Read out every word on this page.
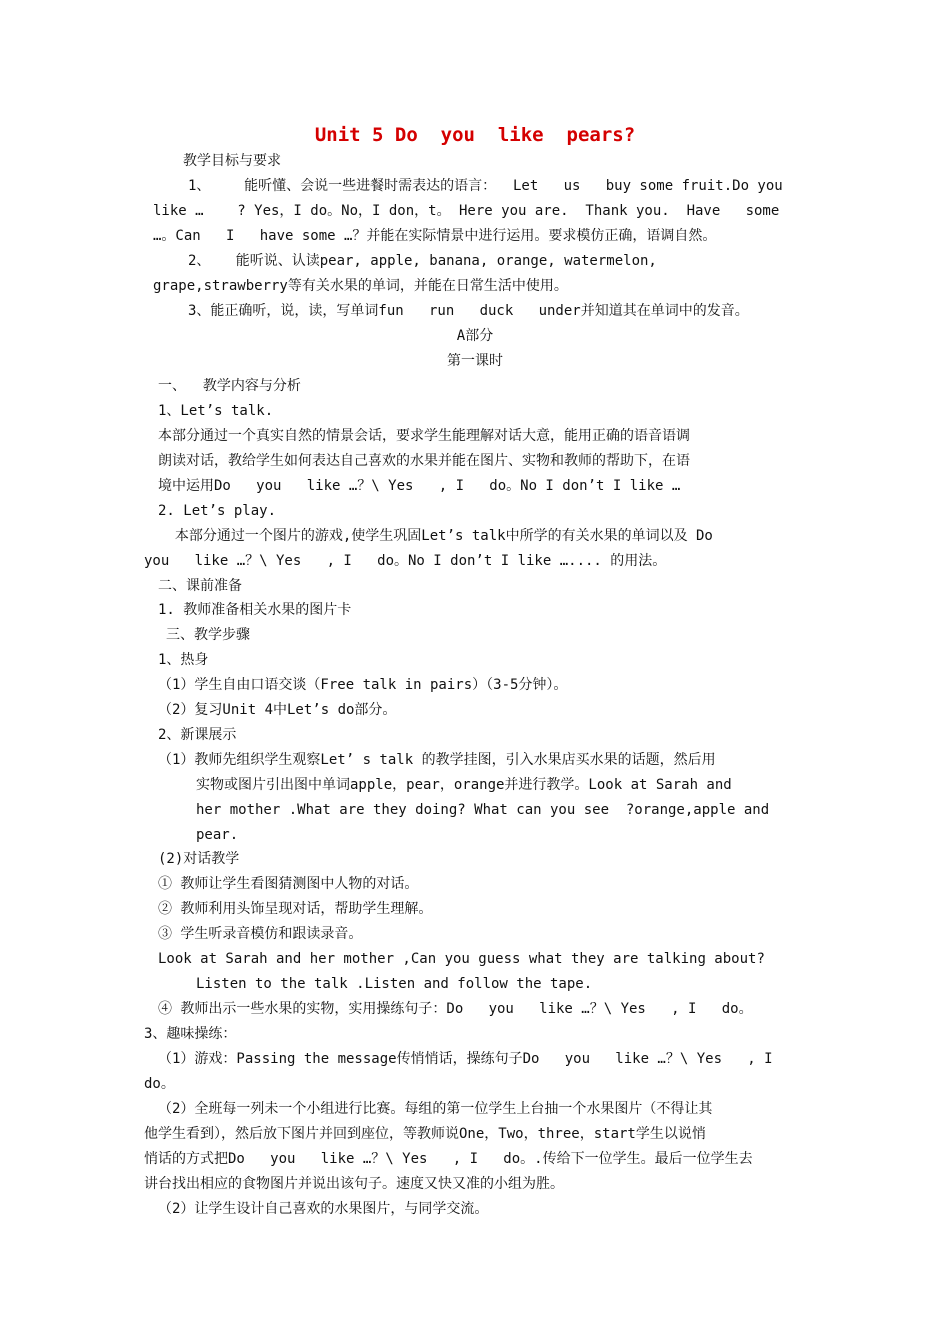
Unit 5 Do  you  like  pears?
教学目标与要求
1、    能听懂、会说一些进餐时需表达的语言：  Let   us   buy some fruit.Do you
like …    ? Yes，I do。No，I don，t。 Here you are.  Thank you.  Have   some
…。Can   I   have some …？并能在实际情景中进行运用。要求模仿正确，语调自然。
2、   能听说、认读pear, apple, banana, orange, watermelon,
grape,strawberry等有关水果的单词，并能在日常生活中使用。
3、能正确听，说，读，写单词fun   run   duck   under并知道其在单词中的发音。
A部分
第一课时
一、  教学内容与分析
1、Let’s talk.
本部分通过一个真实自然的情景会话，要求学生能理解对话大意，能用正确的语音语调
朗读对话，教给学生如何表达自己喜欢的水果并能在图片、实物和教师的帮助下，在语
境中运用Do   you   like …？\ Yes   , I   do。No I don’t I like …
2. Let’s play.
本部分通过一个图片的游戏,使学生巩固Let’s talk中所学的有关水果的单词以及 Do
you   like …？\ Yes   , I   do。No I don’t I like ….... 的用法。
二、课前准备
1. 教师准备相关水果的图片卡
三、教学步骤
1、热身
（1）学生自由口语交谈（Free talk in pairs）（3-5分钟）。
（2）复习Unit 4中Let’s do部分。
2、新课展示
（1）教师先组织学生观察Let’ s talk 的教学挂图，引入水果店买水果的话题，然后用
实物或图片引出图中单词apple，pear，orange并进行教学。Look at Sarah and
her mother .What are they doing? What can you see  ?orange,apple and
pear.
(2)对话教学
① 教师让学生看图猜测图中人物的对话。
② 教师利用头饰呈现对话，帮助学生理解。
③ 学生听录音模仿和跟读录音。
Look at Sarah and her mother ,Can you guess what they are talking about?
Listen to the talk .Listen and follow the tape.
④ 教师出示一些水果的实物，实用操练句子：Do   you   like …？\ Yes   , I   do。
3、趣味操练：
（1）游戏：Passing the message传悄悄话，操练句子Do   you   like …？\ Yes   , I
do。
（2）全班每一列未一个小组进行比赛。每组的第一位学生上台抽一个水果图片（不得让其
他学生看到），然后放下图片并回到座位，等教师说One，Two，three，start学生以说悄
悄话的方式把Do   you   like …？\ Yes   , I   do。.传给下一位学生。最后一位学生去
讲台找出相应的食物图片并说出该句子。速度又快又准的小组为胜。
（2）让学生设计自己喜欢的水果图片，与同学交流。
